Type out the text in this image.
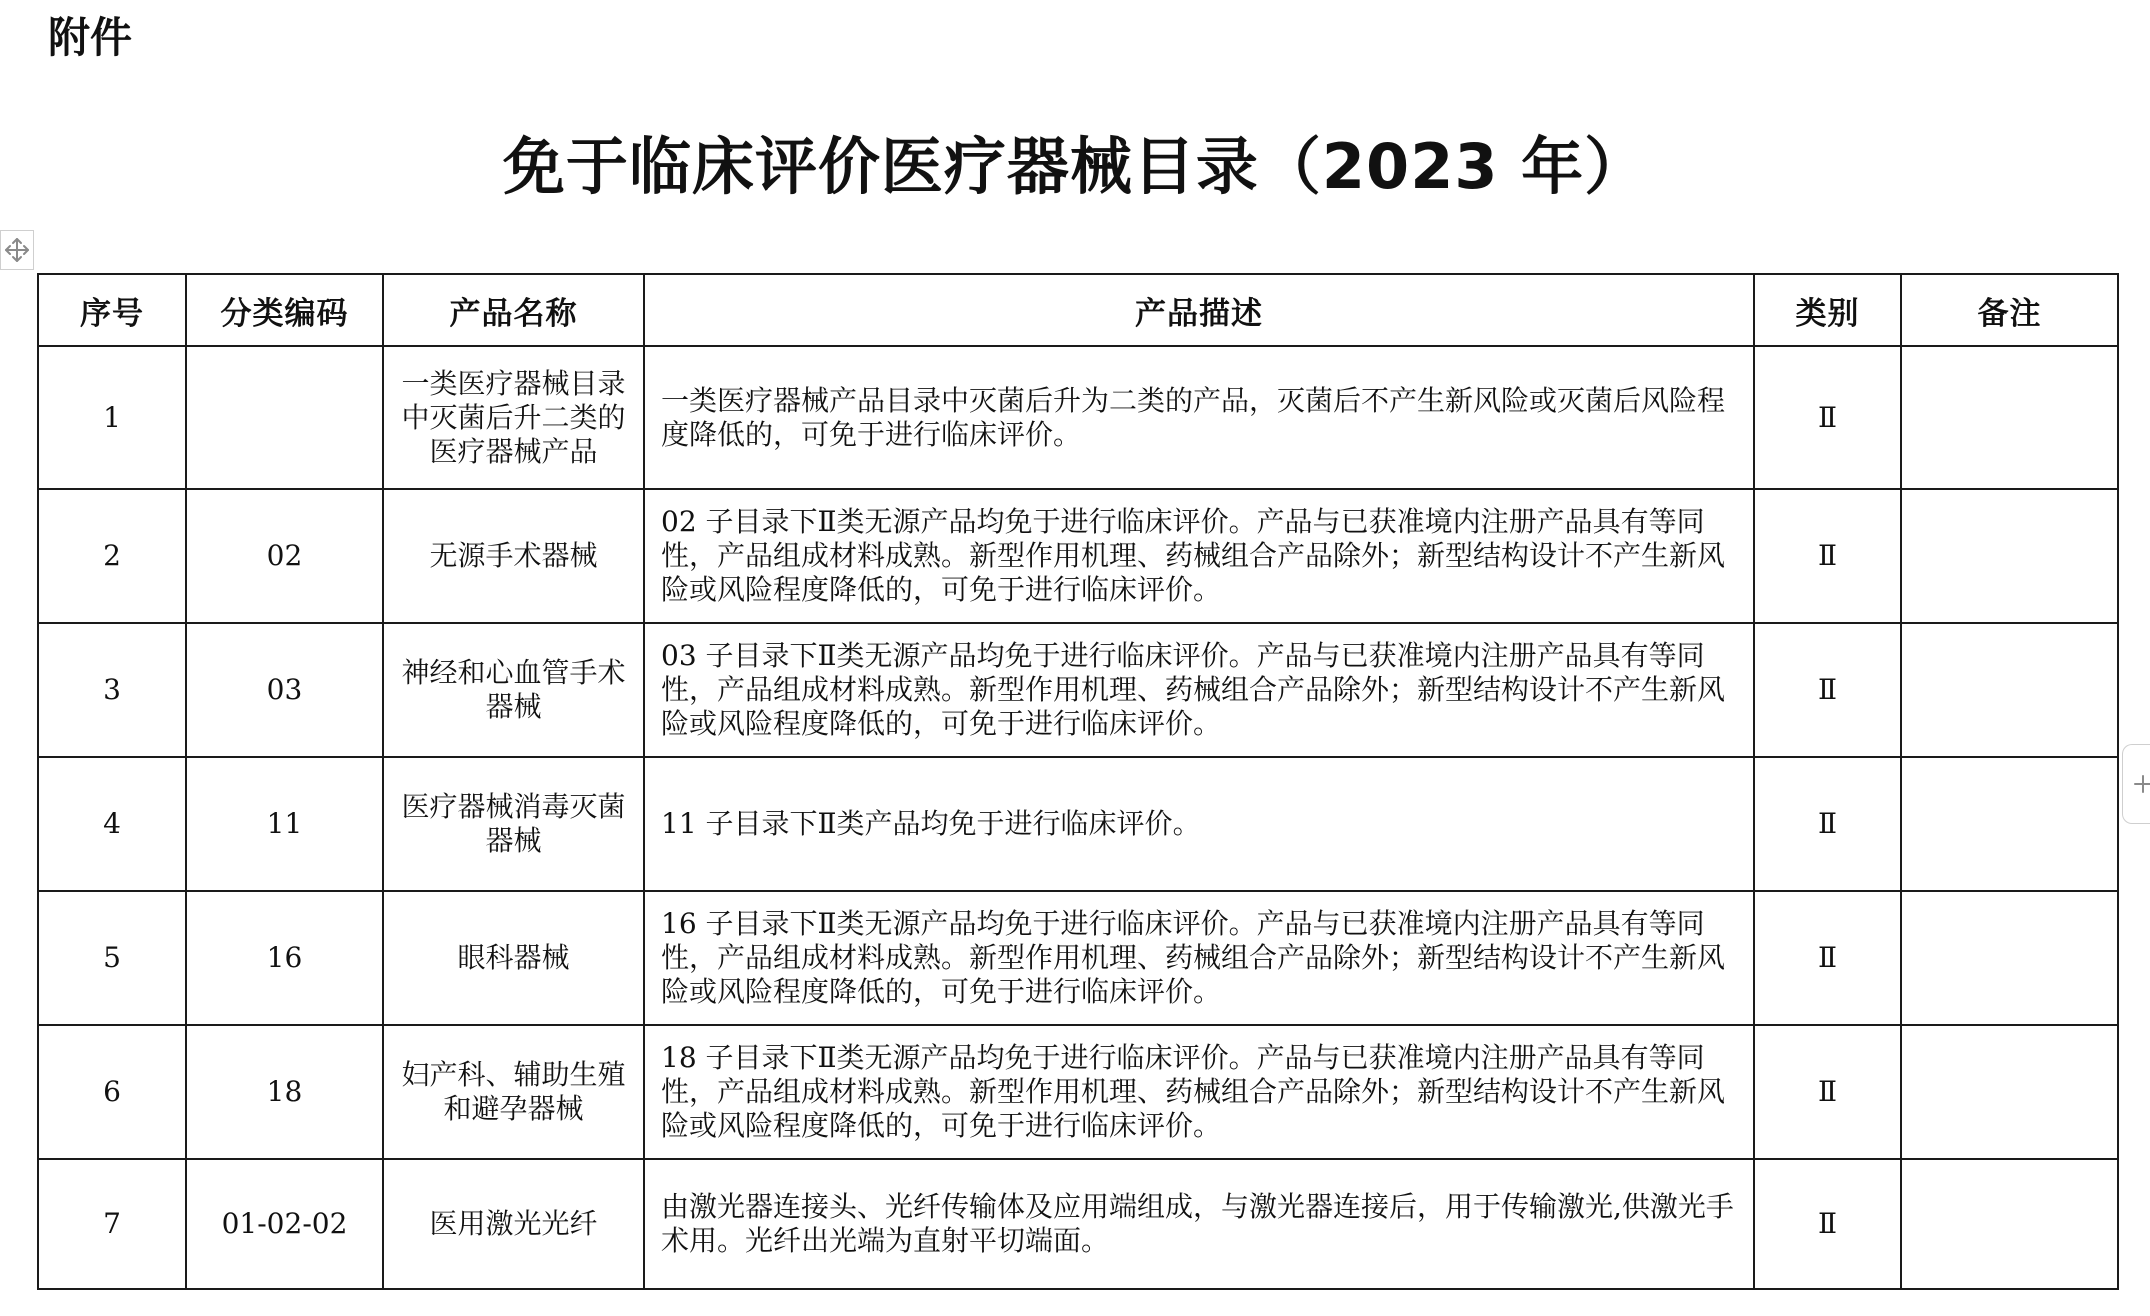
附件
免于临床评价医疗器械目录（2023 年）
序号	分类编码	产品名称	产品描述	类别	备注
1		一类医疗器械目录中灭菌后升二类的医疗器械产品	一类医疗器械产品目录中灭菌后升为二类的产品，灭菌后不产生新风险或灭菌后风险程度降低的，可免于进行临床评价。	Ⅱ	
2	02	无源手术器械	02 子目录下Ⅱ类无源产品均免于进行临床评价。产品与已获准境内注册产品具有等同性，产品组成材料成熟。新型作用机理、药械组合产品除外；新型结构设计不产生新风险或风险程度降低的，可免于进行临床评价。	Ⅱ	
3	03	神经和心血管手术器械	03 子目录下Ⅱ类无源产品均免于进行临床评价。产品与已获准境内注册产品具有等同性，产品组成材料成熟。新型作用机理、药械组合产品除外；新型结构设计不产生新风险或风险程度降低的，可免于进行临床评价。	Ⅱ	
4	11	医疗器械消毒灭菌器械	11 子目录下Ⅱ类产品均免于进行临床评价。	Ⅱ	
5	16	眼科器械	16 子目录下Ⅱ类无源产品均免于进行临床评价。产品与已获准境内注册产品具有等同性，产品组成材料成熟。新型作用机理、药械组合产品除外；新型结构设计不产生新风险或风险程度降低的，可免于进行临床评价。	Ⅱ	
6	18	妇产科、辅助生殖和避孕器械	18 子目录下Ⅱ类无源产品均免于进行临床评价。产品与已获准境内注册产品具有等同性，产品组成材料成熟。新型作用机理、药械组合产品除外；新型结构设计不产生新风险或风险程度降低的，可免于进行临床评价。	Ⅱ	
7	01-02-02	医用激光光纤	由激光器连接头、光纤传输体及应用端组成，与激光器连接后，用于传输激光,供激光手术用。光纤出光端为直射平切端面。	Ⅱ	
